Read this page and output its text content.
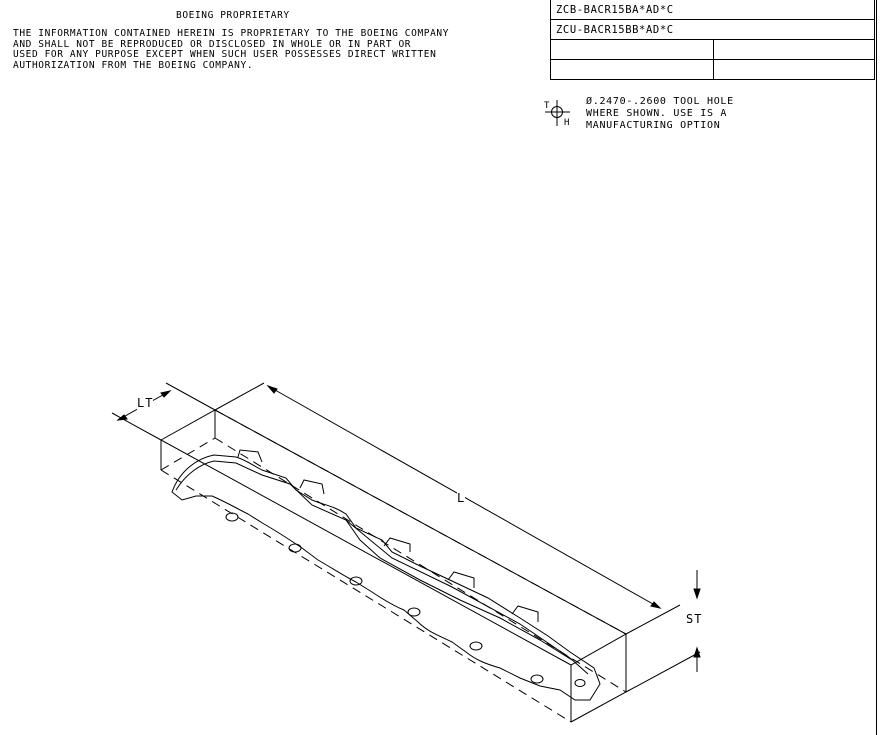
BOEING PROPRIETARY
THE INFORMATION CONTAINED HEREIN IS PROPRIETARY TO THE BOEING COMPANY
AND SHALL NOT BE REPRODUCED OR DISCLOSED IN WHOLE OR IN PART OR
USED FOR ANY PURPOSE EXCEPT WHEN SUCH USER POSSESSES DIRECT WRITTEN
AUTHORIZATION FROM THE BOEING COMPANY.
ZCB-BACR15BA*AD*C	
ZCU-BACR15BB*AD*C	

T
H
Ø.2470-.2600 TOOL HOLE
WHERE SHOWN. USE IS A
MANUFACTURING OPTION
LT
L
ST
